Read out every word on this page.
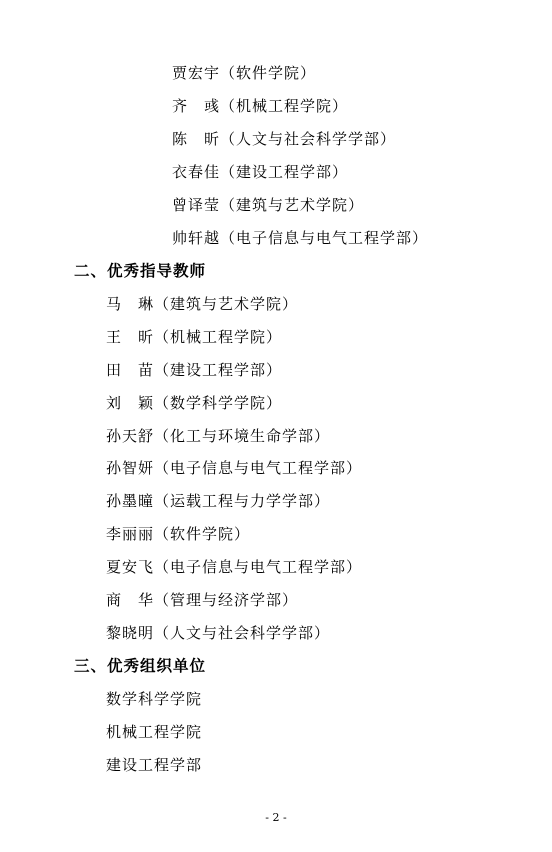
贾宏宇（软件学院）
齐　彧（机械工程学院）
陈　昕（人文与社会科学学部）
衣春佳（建设工程学部）
曾译莹（建筑与艺术学院）
帅轩越（电子信息与电气工程学部）
二、优秀指导教师
马　琳（建筑与艺术学院）
王　昕（机械工程学院）
田　苗（建设工程学部）
刘　颖（数学科学学院）
孙天舒（化工与环境生命学部）
孙智妍（电子信息与电气工程学部）
孙墨曈（运载工程与力学学部）
李丽丽（软件学院）
夏安飞（电子信息与电气工程学部）
商　华（管理与经济学部）
黎晓明（人文与社会科学学部）
三、优秀组织单位
数学科学学院
机械工程学院
建设工程学部
- 2 -
